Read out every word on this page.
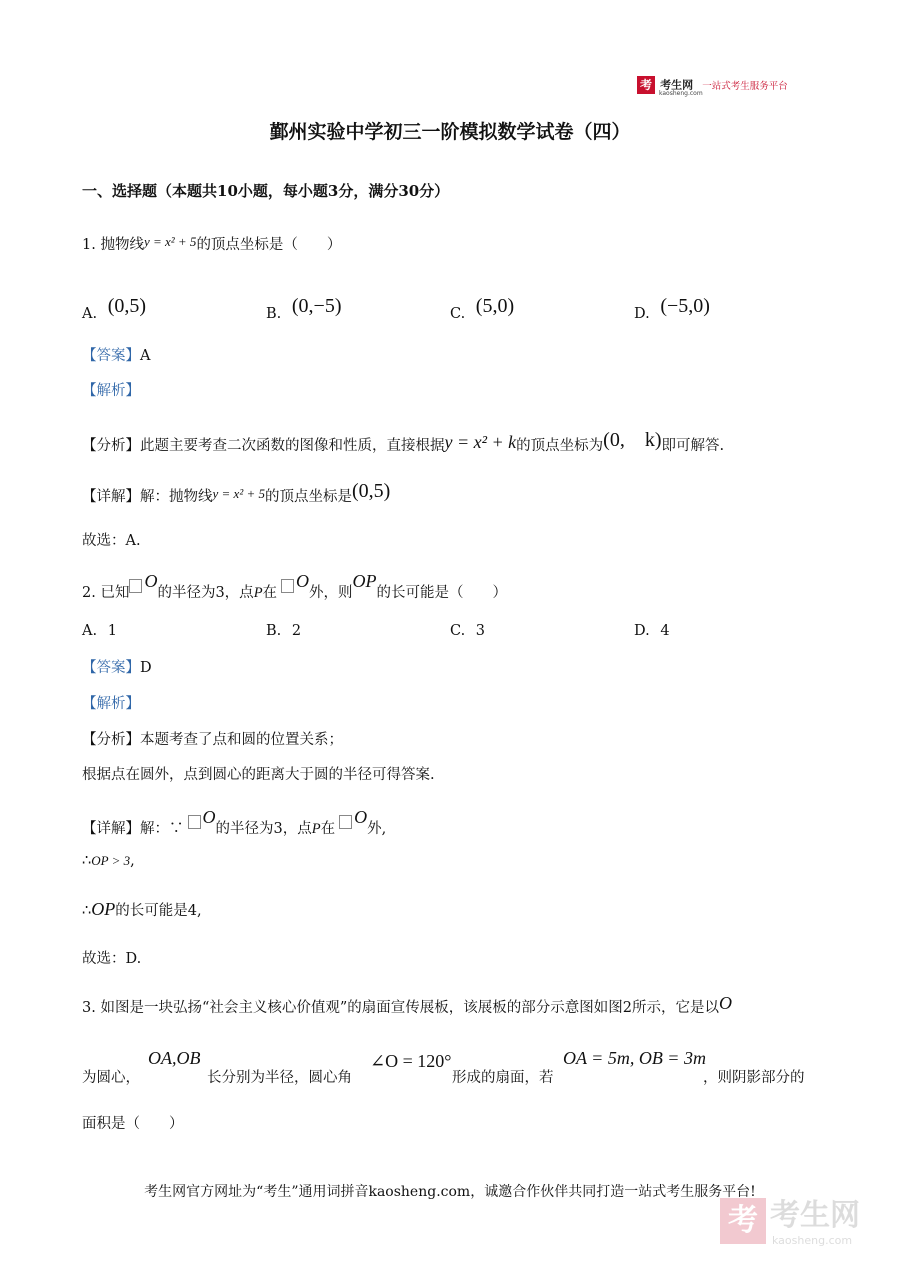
考 考生网 一站式考生服务平台
kaosheng.com
鄞州实验中学初三一阶模拟数学试卷（四）
一、选择题（本题共10小题，每小题3分，满分30分）
1. 抛物线y = x² + 5的顶点坐标是（　　）
A. (0,5)	B. (0,−5)	C. (5,0)	D. (−5,0)
【答案】A
【解析】
【分析】此题主要考查二次函数的图像和性质，直接根据y = x² + k的顶点坐标为(0,　k)即可解答.
【详解】解：抛物线y = x² + 5的顶点坐标是(0,5)
故选：A.
2. 已知O的半径为3，点P在O外，则OP的长可能是（　　）
A. 1	B. 2	C. 3	D. 4
【答案】D
【解析】
【分析】本题考查了点和圆的位置关系；
根据点在圆外，点到圆心的距离大于圆的半径可得答案.
【详解】解：∵O的半径为3，点P在O外,
∴OP > 3,
∴OP的长可能是4,
故选：D.
3. 如图是一块弘扬“社会主义核心价值观”的扇面宣传展板，该展板的部分示意图如图2所示，它是以O
OA,OB	∠O = 120°	OA = 5m, OB = 3m
为圆心，	长分别为半径，圆心角	形成的扇面，若	，则阴影部分的
面积是（　　）
考生网官方网址为“考生”通用词拼音kaosheng.com，诚邀合作伙伴共同打造一站式考生服务平台!
考 考生网
kaosheng.com
